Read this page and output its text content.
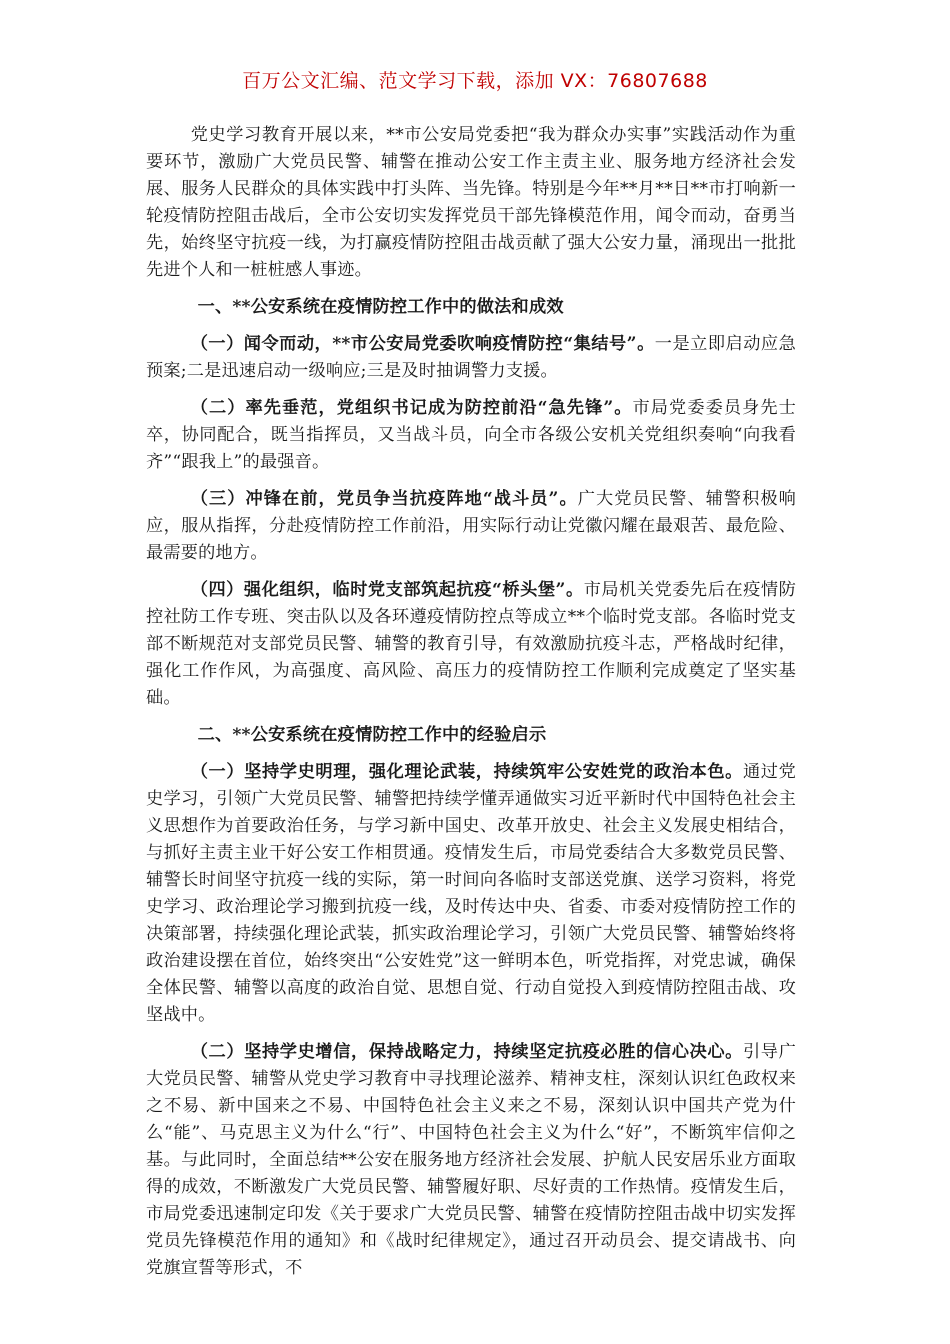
百万公文汇编、范文学习下载，添加 VX：76807688

党史学习教育开展以来，**市公安局党委把“我为群众办实事”实践活动作为重要环节，激励广大党员民警、辅警在推动公安工作主责主业、服务地方经济社会发展、服务人民群众的具体实践中打头阵、当先锋。特别是今年**月**日**市打响新一轮疫情防控阻击战后，全市公安切实发挥党员干部先锋模范作用，闻令而动，奋勇当先，始终坚守抗疫一线，为打赢疫情防控阻击战贡献了强大公安力量，涌现出一批批先进个人和一桩桩感人事迹。

一、**公安系统在疫情防控工作中的做法和成效

（一）闻令而动，**市公安局党委吹响疫情防控“集结号”。一是立即启动应急预案;二是迅速启动一级响应;三是及时抽调警力支援。

（二）率先垂范，党组织书记成为防控前沿“急先锋”。市局党委委员身先士卒，协同配合，既当指挥员，又当战斗员，向全市各级公安机关党组织奏响“向我看齐”“跟我上”的最强音。

（三）冲锋在前，党员争当抗疫阵地“战斗员”。广大党员民警、辅警积极响应，服从指挥，分赴疫情防控工作前沿，用实际行动让党徽闪耀在最艰苦、最危险、最需要的地方。

（四）强化组织，临时党支部筑起抗疫“桥头堡”。市局机关党委先后在疫情防控社防工作专班、突击队以及各环遵疫情防控点等成立**个临时党支部。各临时党支部不断规范对支部党员民警、辅警的教育引导，有效激励抗疫斗志，严格战时纪律，强化工作作风，为高强度、高风险、高压力的疫情防控工作顺利完成奠定了坚实基础。

二、**公安系统在疫情防控工作中的经验启示

（一）坚持学史明理，强化理论武装，持续筑牢公安姓党的政治本色。通过党史学习，引领广大党员民警、辅警把持续学懂弄通做实习近平新时代中国特色社会主义思想作为首要政治任务，与学习新中国史、改革开放史、社会主义发展史相结合，与抓好主责主业干好公安工作相贯通。疫情发生后，市局党委结合大多数党员民警、辅警长时间坚守抗疫一线的实际，第一时间向各临时支部送党旗、送学习资料，将党史学习、政治理论学习搬到抗疫一线，及时传达中央、省委、市委对疫情防控工作的决策部署，持续强化理论武装，抓实政治理论学习，引领广大党员民警、辅警始终将政治建设摆在首位，始终突出“公安姓党”这一鲜明本色，听党指挥，对党忠诚，确保全体民警、辅警以高度的政治自觉、思想自觉、行动自觉投入到疫情防控阻击战、攻坚战中。

（二）坚持学史增信，保持战略定力，持续坚定抗疫必胜的信心决心。引导广大党员民警、辅警从党史学习教育中寻找理论滋养、精神支柱，深刻认识红色政权来之不易、新中国来之不易、中国特色社会主义来之不易，深刻认识中国共产党为什么“能”、马克思主义为什么“行”、中国特色社会主义为什么“好”，不断筑牢信仰之基。与此同时，全面总结**公安在服务地方经济社会发展、护航人民安居乐业方面取得的成效，不断激发广大党员民警、辅警履好职、尽好责的工作热情。疫情发生后，市局党委迅速制定印发《关于要求广大党员民警、辅警在疫情防控阻击战中切实发挥党员先锋模范作用的通知》和《战时纪律规定》，通过召开动员会、提交请战书、向党旗宣誓等形式，不
